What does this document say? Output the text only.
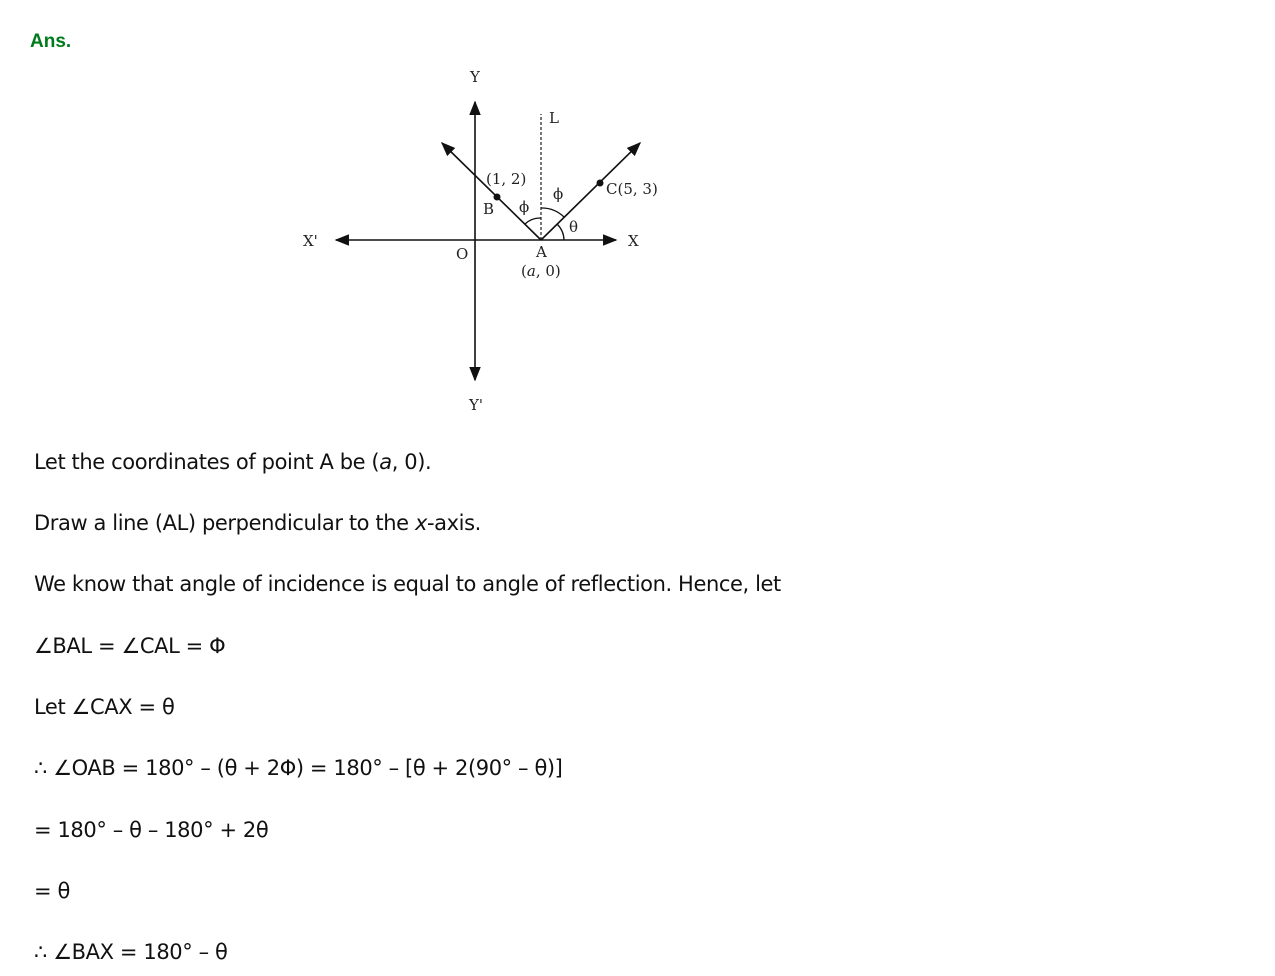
Ans.
Y
Y'
X'	X
O
L
(1, 2)
B
C(5, 3)
A
(a, 0)
ϕ
ϕ
θ
Let the coordinates of point A be (a, 0).
Draw a line (AL) perpendicular to the x-axis.
We know that angle of incidence is equal to angle of reflection. Hence, let
∠BAL = ∠CAL = Φ
Let ∠CAX = θ
∴ ∠OAB = 180° – (θ + 2Φ) = 180° – [θ + 2(90° – θ)]
= 180° – θ – 180° + 2θ
= θ
∴ ∠BAX = 180° – θ
